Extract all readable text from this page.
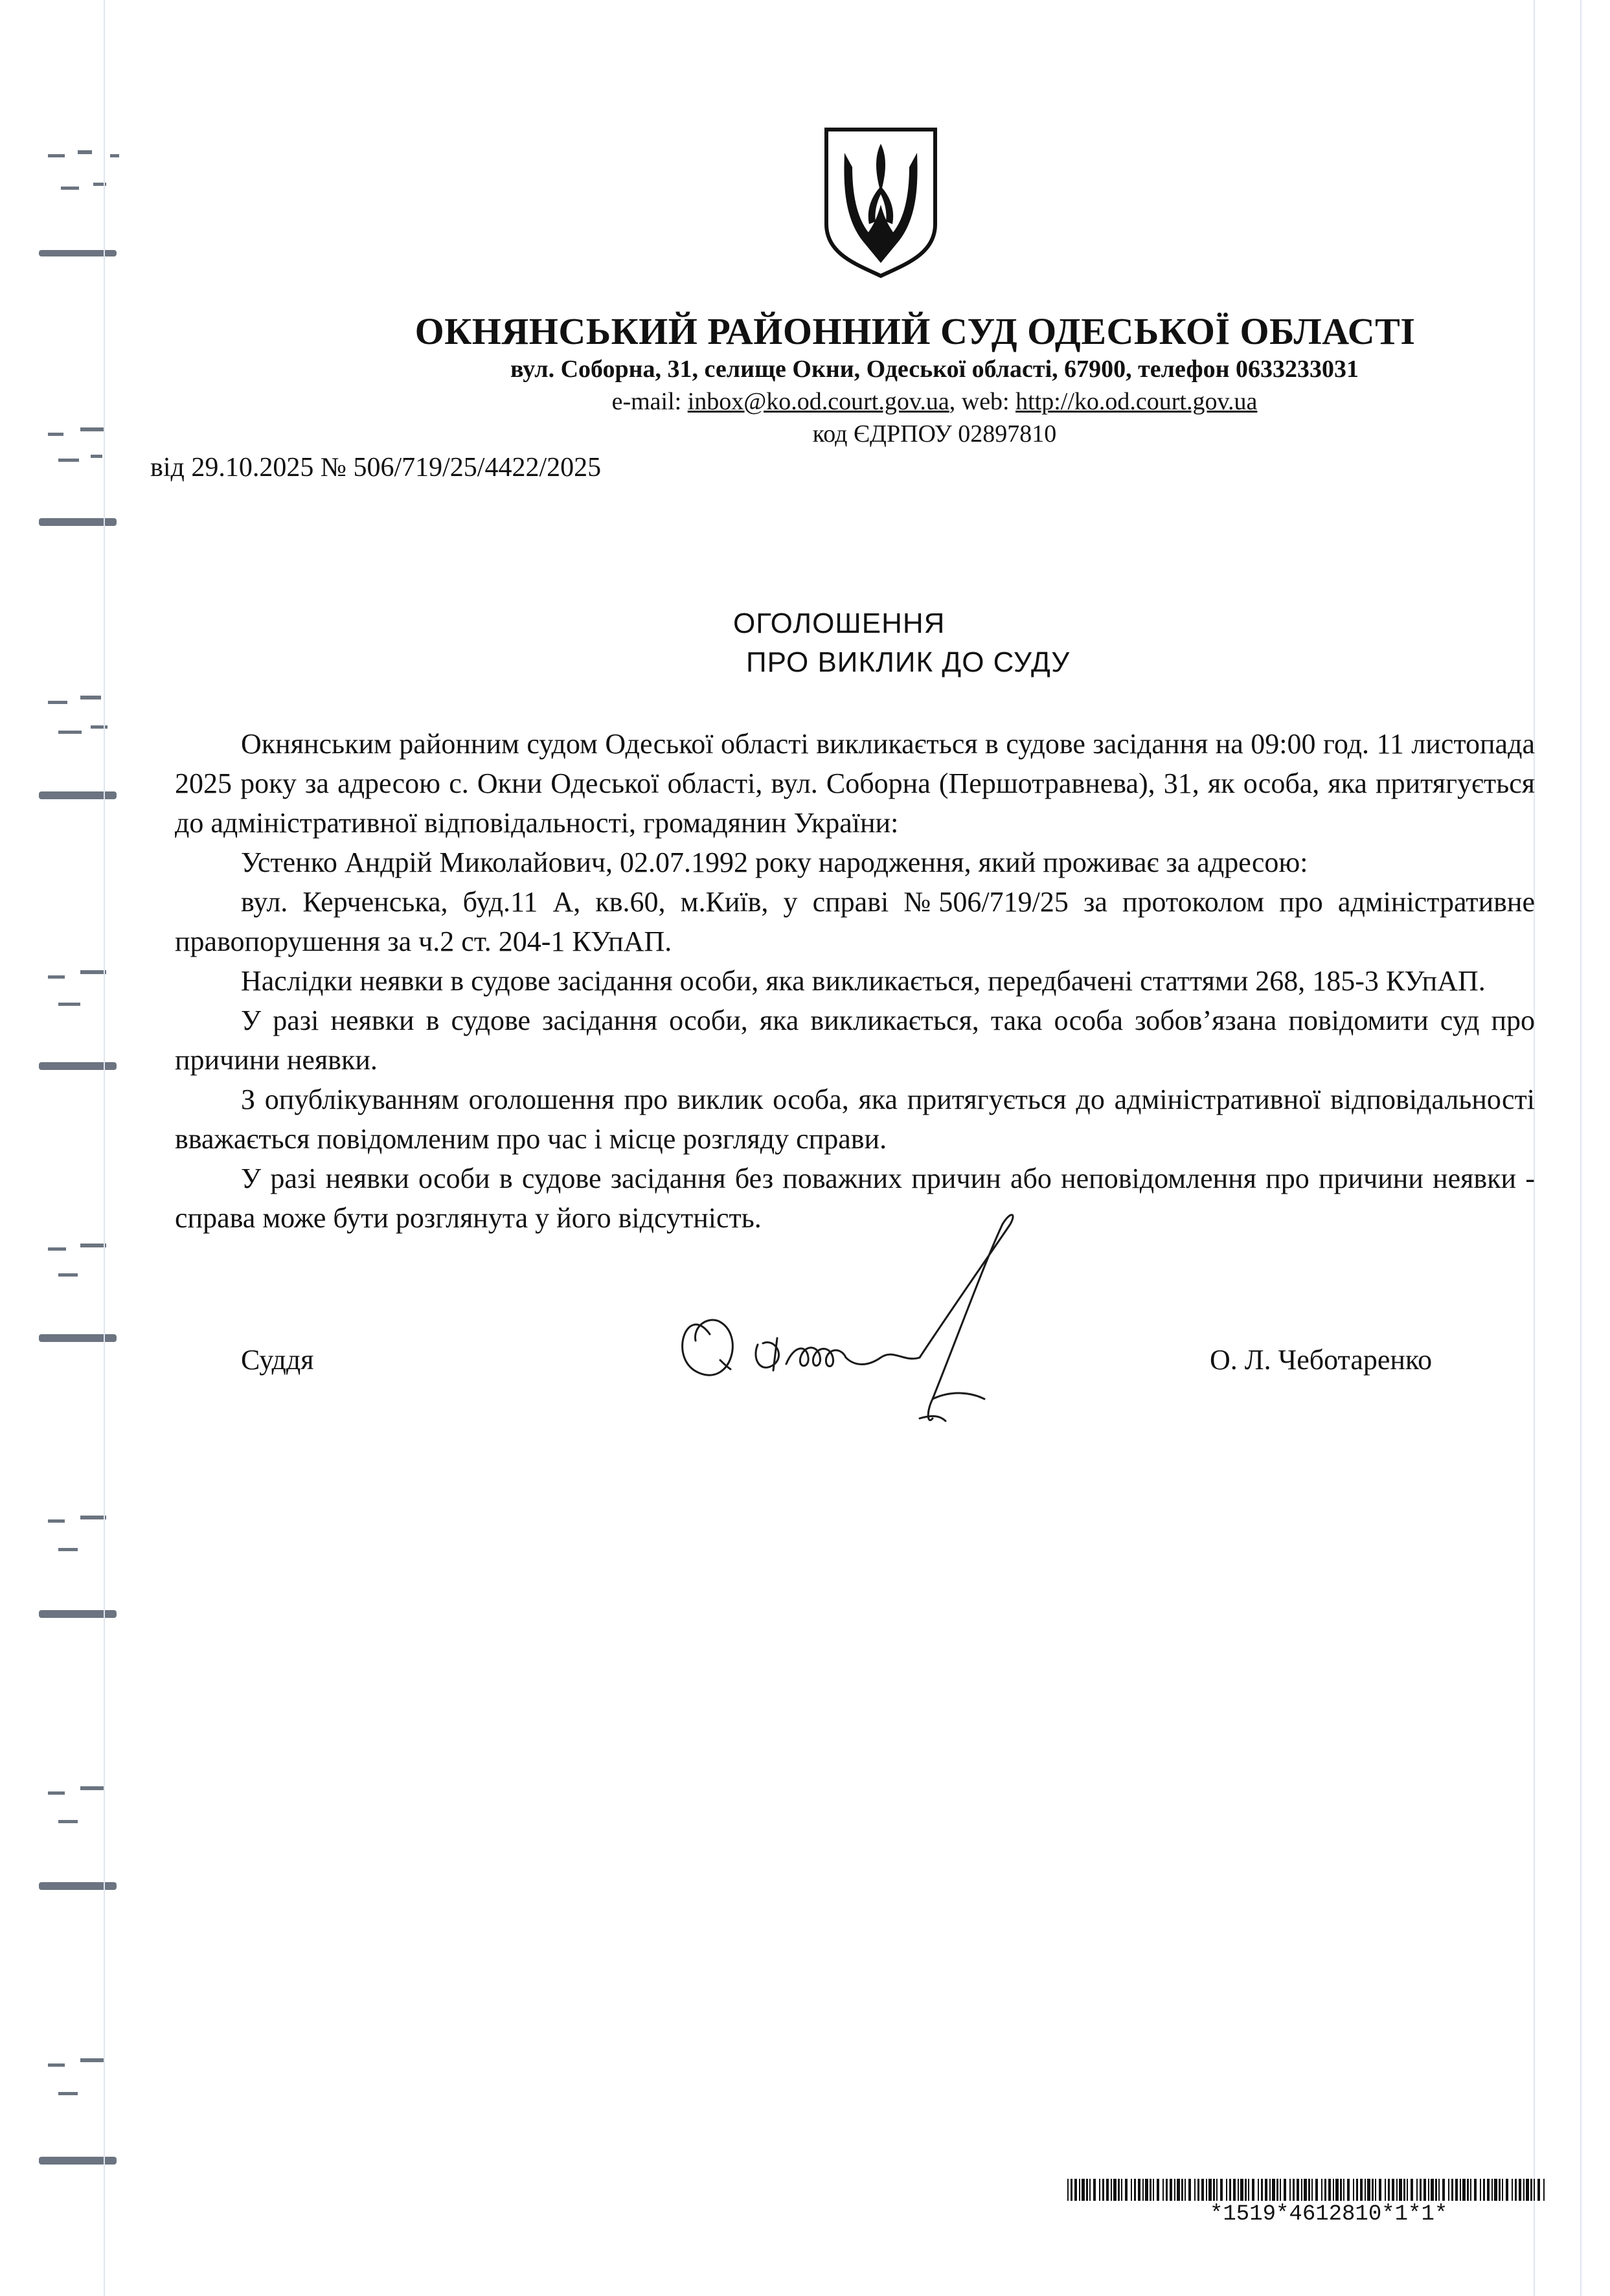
ОКНЯНСЬКИЙ РАЙОННИЙ СУД ОДЕСЬКОЇ ОБЛАСТІ
вул. Соборна, 31, селище Окни, Одеської області, 67900, телефон 0633233031
e-mail: inbox@ko.od.court.gov.ua, web: http://ko.od.court.gov.ua
код ЄДРПОУ 02897810
від 29.10.2025 № 506/719/25/4422/2025
ОГОЛОШЕННЯ
ПРО ВИКЛИК ДО СУДУ

Окнянським районним судом Одеської області викликається в судове засідання на 09:00 год. 11 листопада 2025 року за адресою с. Окни Одеської області, вул. Соборна (Першотравнева), 31, як особа, яка притягується до адміністративної відповідальності, громадянин України:

Устенко Андрій Миколайович, 02.07.1992 року народження, який проживає за адресою:

вул. Керченська, буд.11 А, кв.60, м.Київ, у справі №506/719/25 за протоколом про адміністративне правопорушення за ч.2 ст. 204-1 КУпАП.

Наслідки неявки в судове засідання особи, яка викликається, передбачені статтями 268, 185-3 КУпАП.

У разі неявки в судове засідання особи, яка викликається, така особа зобов’язана повідомити суд про причини неявки.

З опублікуванням оголошення про виклик особа, яка притягується до адміністративної відповідальності вважається повідомленим про час і місце розгляду справи.

У разі неявки особи в судове засідання без поважних причин або неповідомлення про причини неявки - справа може бути розглянута у його відсутність.

Суддя	О. Л. Чеботаренко
*1519*4612810*1*1*
